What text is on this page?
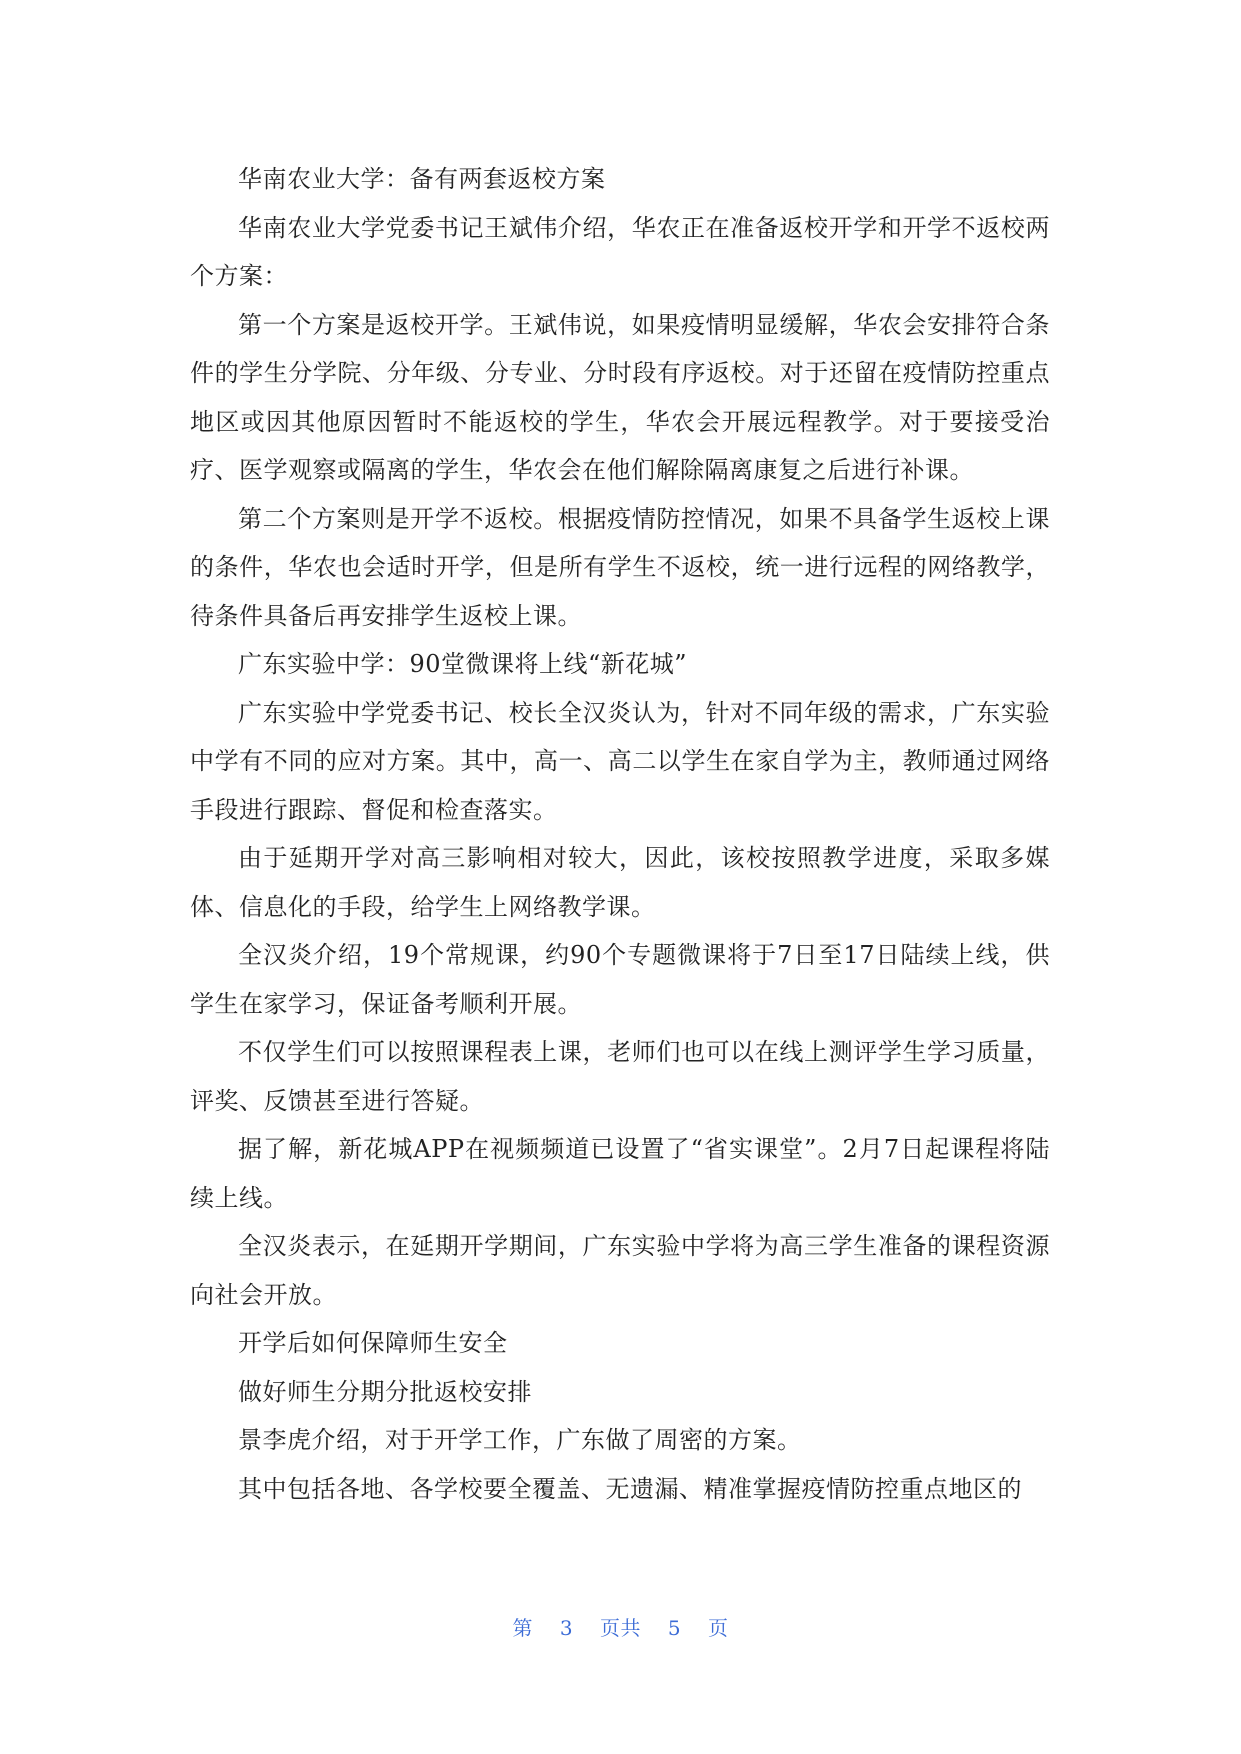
华南农业大学：备有两套返校方案

华南农业大学党委书记王斌伟介绍，华农正在准备返校开学和开学不返校两个方案：

第一个方案是返校开学。王斌伟说，如果疫情明显缓解，华农会安排符合条件的学生分学院、分年级、分专业、分时段有序返校。对于还留在疫情防控重点地区或因其他原因暂时不能返校的学生，华农会开展远程教学。对于要接受治疗、医学观察或隔离的学生，华农会在他们解除隔离康复之后进行补课。

第二个方案则是开学不返校。根据疫情防控情况，如果不具备学生返校上课的条件，华农也会适时开学，但是所有学生不返校，统一进行远程的网络教学，待条件具备后再安排学生返校上课。

广东实验中学：90堂微课将上线“新花城”

广东实验中学党委书记、校长全汉炎认为，针对不同年级的需求，广东实验中学有不同的应对方案。其中，高一、高二以学生在家自学为主，教师通过网络手段进行跟踪、督促和检查落实。

由于延期开学对高三影响相对较大，因此，该校按照教学进度，采取多媒体、信息化的手段，给学生上网络教学课。

全汉炎介绍，19个常规课，约90个专题微课将于7日至17日陆续上线，供学生在家学习，保证备考顺利开展。

不仅学生们可以按照课程表上课，老师们也可以在线上测评学生学习质量，评奖、反馈甚至进行答疑。

据了解，新花城APP在视频频道已设置了“省实课堂”。2月7日起课程将陆续上线。

全汉炎表示，在延期开学期间，广东实验中学将为高三学生准备的课程资源向社会开放。

开学后如何保障师生安全

做好师生分期分批返校安排

景李虎介绍，对于开学工作，广东做了周密的方案。

其中包括各地、各学校要全覆盖、无遗漏、精准掌握疫情防控重点地区的

第 3 页共 5 页
